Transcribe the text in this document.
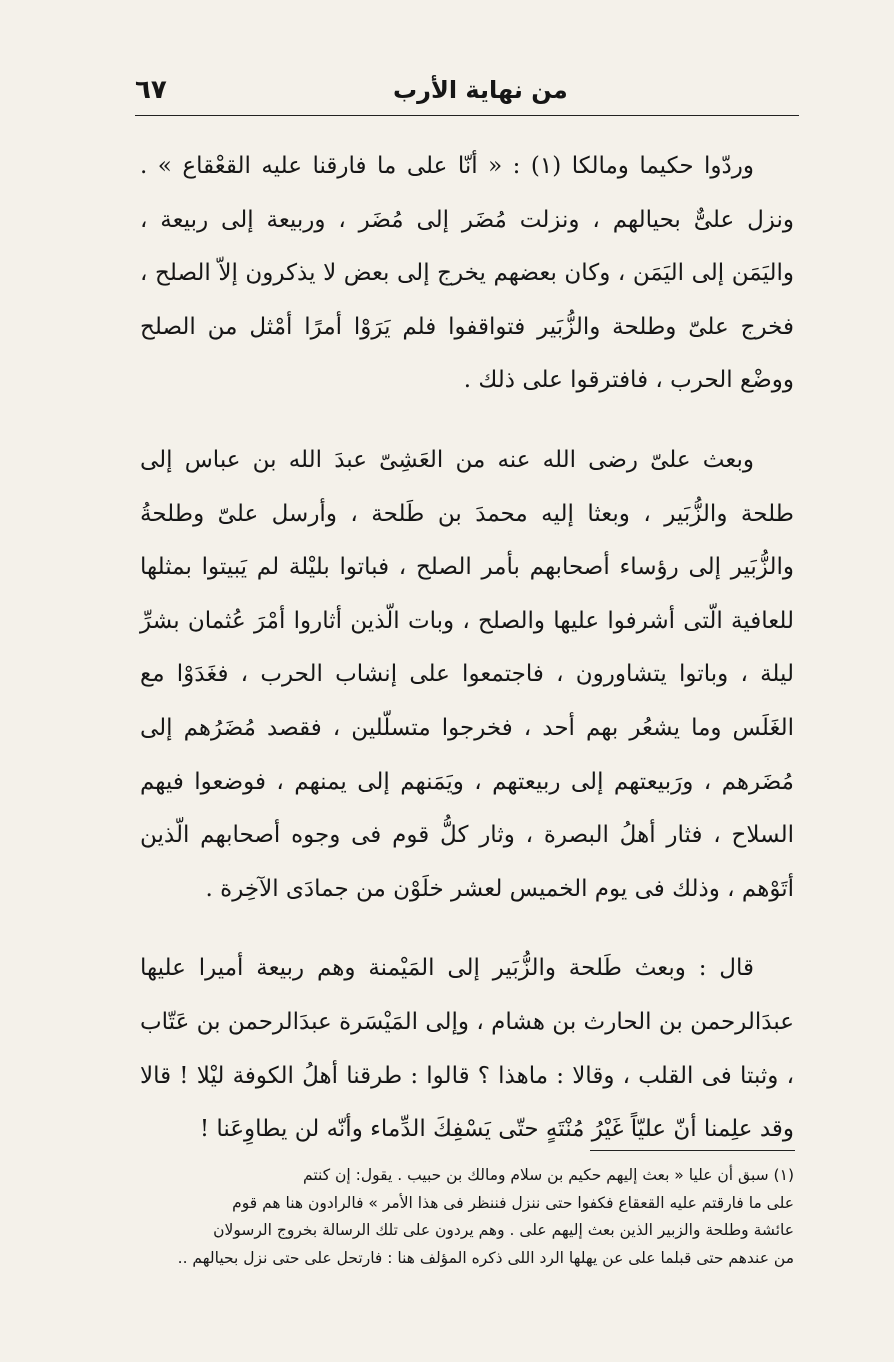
من نهاية الأرب
٦٧

وردّوا حكيما ومالكا (١) : « أنّا على ما فارقنا عليه القعْقاع » . ونزل علىٌّ بحيالهم ، ونزلت مُضَر إلى مُضَر ، وربيعة إلى ربيعة ، واليَمَن إلى اليَمَن ، وكان بعضهم يخرج إلى بعض لا يذكرون إلاّ الصلح ، فخرج علىّ وطلحة والزُّبَير فتواقفوا فلم يَرَوْا أمرًا أمْثل من الصلح ووضْع الحرب ، فافترقوا على ذلك .

وبعث علىّ رضى الله عنه من العَشِىّ عبدَ الله بن عباس إلى طلحة والزُّبَير ، وبعثا إليه محمدَ بن طَلحة ، وأرسل علىّ وطلحةُ والزُّبَير إلى رؤساء أصحابهم بأمر الصلح ، فباتوا بليْلة لم يَبيتوا بمثلها للعافية الّتى أشرفوا عليها والصلح ، وبات الّذين أثاروا أمْرَ عُثمان بشرِّ ليلة ، وباتوا يتشاورون ، فاجتمعوا على إنشاب الحرب ، فغَدَوْا مع الغَلَس وما يشعُر بهم أحد ، فخرجوا متسلّلين ، فقصد مُضَرُهم إلى مُضَرهم ، ورَبيعتهم إلى ربيعتهم ، ويَمَنهم إلى يمنهم ، فوضعوا فيهم السلاح ، فثار أهلُ البصرة ، وثار كلُّ قوم فى وجوه أصحابهم الّذين أتَوْهم ، وذلك فى يوم الخميس لعشر خلَوْن من جمادَى الآخِرة .

قال : وبعث طَلحة والزُّبَير إلى المَيْمنة وهم ربيعة أميرا عليها عبدَالرحمن بن الحارث بن هشام ، وإلى المَيْسَرة عبدَالرحمن بن عَتّاب ، وثبتا فى القلب ، وقالا : ماهذا ؟ قالوا : طرقنا أهلُ الكوفة ليْلا ! قالا وقد علِمنا أنّ عليّاً غَيْرُ مُنْتَهٍ حتّى يَسْفِكَ الدِّماء وأنّه لن يطاوِعَنا !

(١) سبق أن عليا « بعث إليهم حكيم بن سلام ومالك بن حبيب . يقول: إن كنتم
على ما فارقتم عليه القعقاع فكفوا حتى ننزل فننظر فى هذا الأمر » فالرادون هنا هم قوم
عائشة وطلحة والزبير الذين بعث إليهم على . وهم يردون على تلك الرسالة بخروج الرسولان
من عندهم حتى قبلما على عن يهلها الرد اللى ذكره المؤلف هنا : فارتحل على حتى نزل بحيالهم ..
